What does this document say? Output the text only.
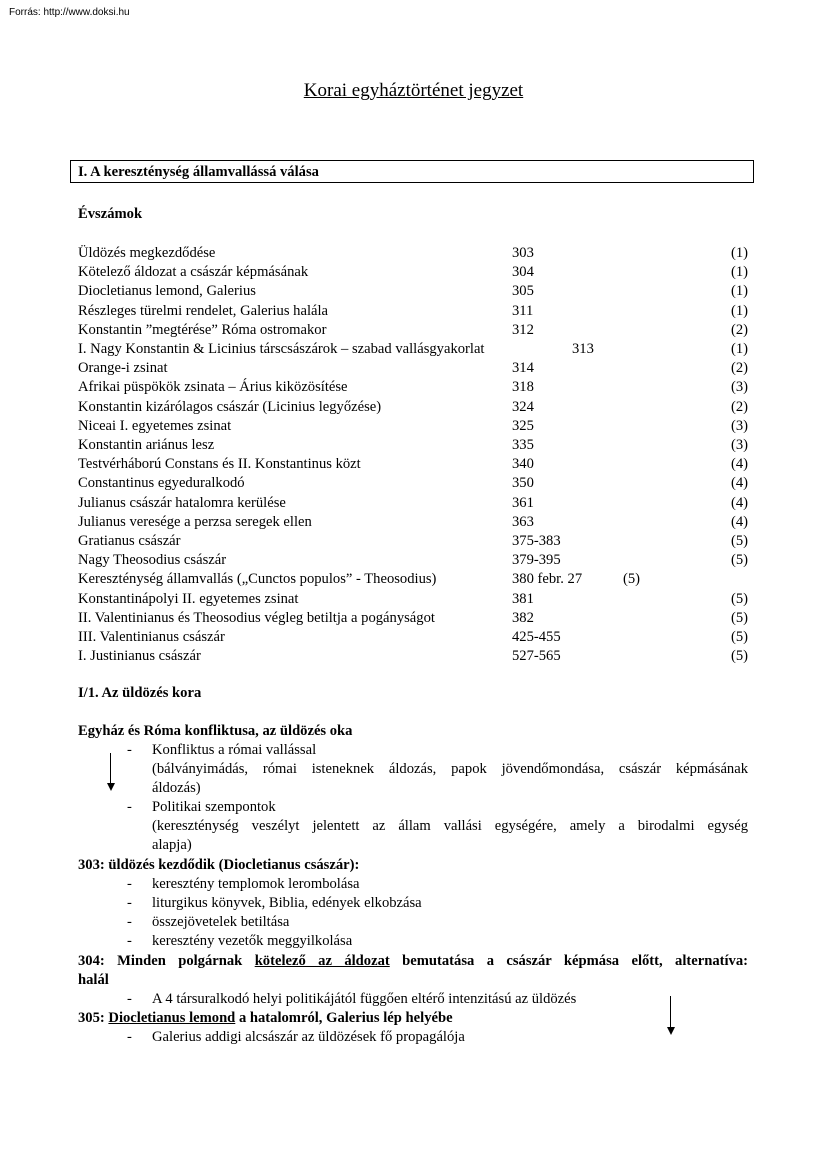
Forrás: http://www.doksi.hu
Korai egyháztörténet jegyzet
I. A kereszténység államvallássá válása
Évszámok
Üldözés megkezdődése	303	(1)
Kötelező áldozat a császár képmásának	304	(1)
Diocletianus lemond, Galerius	305	(1)
Részleges türelmi rendelet, Galerius halála	311	(1)
Konstantin ”megtérése” Róma ostromakor	312	(2)
I. Nagy Konstantin & Licinius társcsászárok – szabad vallásgyakorlat	313	(1)
Orange-i zsinat	314	(2)
Afrikai püspökök zsinata – Árius kiközösítése	318	(3)
Konstantin kizárólagos császár (Licinius legyőzése)	324	(2)
Niceai I. egyetemes zsinat	325	(3)
Konstantin ariánus lesz	335	(3)
Testvérháború Constans és II. Konstantinus közt	340	(4)
Constantinus egyeduralkodó	350	(4)
Julianus császár hatalomra kerülése	361	(4)
Julianus veresége a perzsa seregek ellen	363	(4)
Gratianus császár	375-383	(5)
Nagy Theosodius császár	379-395	(5)
Kereszténység államvallás („Cunctos populos” - Theosodius)	380 febr. 27	(5)
Konstantinápolyi II. egyetemes zsinat	381	(5)
II. Valentinianus és Theosodius végleg betiltja a pogányságot	382	(5)
III. Valentinianus császár	425-455	(5)
I. Justinianus császár	527-565	(5)
I/1. Az üldözés kora
Egyház és Róma konfliktusa, az üldözés oka
- Konfliktus a római vallással
(bálványimádás, római isteneknek áldozás, papok jövendőmondása, császár képmásának
áldozás)
- Politikai szempontok
(kereszténység veszélyt jelentett az állam vallási egységére, amely a birodalmi egység
alapja)
303: üldözés kezdődik (Diocletianus császár):
- keresztény templomok lerombolása
- liturgikus könyvek, Biblia, edények elkobzása
- összejövetelek betiltása
- keresztény vezetők meggyilkolása
304: Minden polgárnak kötelező az áldozat bemutatása a császár képmása előtt, alternatíva:
halál
- A 4 társuralkodó helyi politikájától függően eltérő intenzitású az üldözés
305: Diocletianus lemond a hatalomról, Galerius lép helyébe
- Galerius addigi alcsászár az üldözések fő propagálója
